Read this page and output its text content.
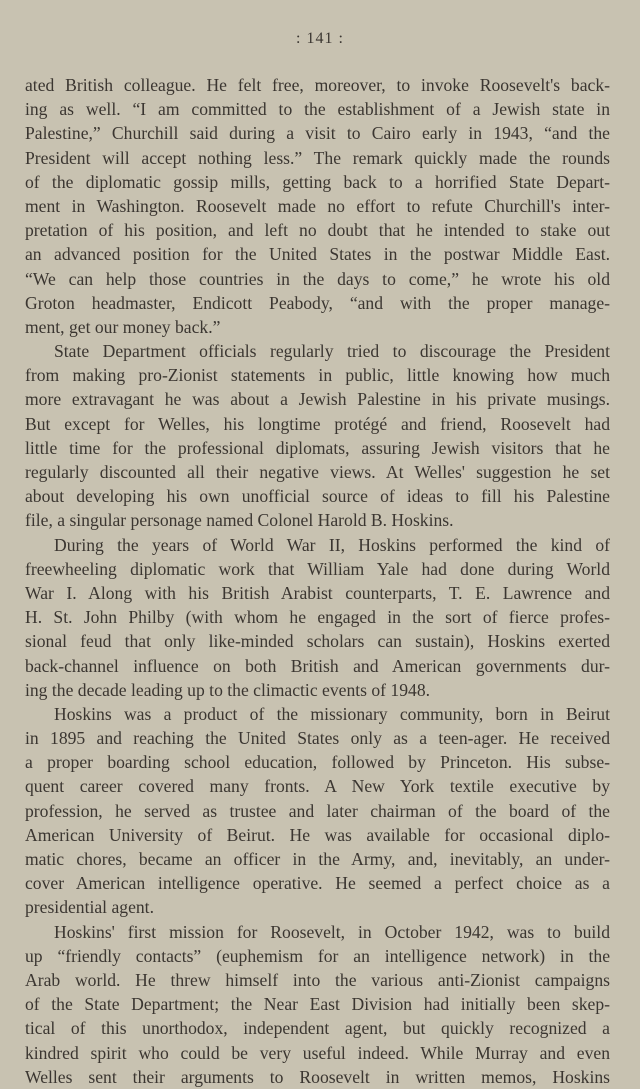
: 141 :
ated British colleague. He felt free, moreover, to invoke Roosevelt's back-
ing as well. “I am committed to the establishment of a Jewish state in
Palestine,” Churchill said during a visit to Cairo early in 1943, “and the
President will accept nothing less.” The remark quickly made the rounds
of the diplomatic gossip mills, getting back to a horrified State Depart-
ment in Washington. Roosevelt made no effort to refute Churchill's inter-
pretation of his position, and left no doubt that he intended to stake out
an advanced position for the United States in the postwar Middle East.
“We can help those countries in the days to come,” he wrote his old
Groton headmaster, Endicott Peabody, “and with the proper manage-
ment, get our money back.”
State Department officials regularly tried to discourage the President
from making pro-Zionist statements in public, little knowing how much
more extravagant he was about a Jewish Palestine in his private musings.
But except for Welles, his longtime protégé and friend, Roosevelt had
little time for the professional diplomats, assuring Jewish visitors that he
regularly discounted all their negative views. At Welles' suggestion he set
about developing his own unofficial source of ideas to fill his Palestine
file, a singular personage named Colonel Harold B. Hoskins.
During the years of World War II, Hoskins performed the kind of
freewheeling diplomatic work that William Yale had done during World
War I. Along with his British Arabist counterparts, T. E. Lawrence and
H. St. John Philby (with whom he engaged in the sort of fierce profes-
sional feud that only like-minded scholars can sustain), Hoskins exerted
back-channel influence on both British and American governments dur-
ing the decade leading up to the climactic events of 1948.
Hoskins was a product of the missionary community, born in Beirut
in 1895 and reaching the United States only as a teen-ager. He received
a proper boarding school education, followed by Princeton. His subse-
quent career covered many fronts. A New York textile executive by
profession, he served as trustee and later chairman of the board of the
American University of Beirut. He was available for occasional diplo-
matic chores, became an officer in the Army, and, inevitably, an under-
cover American intelligence operative. He seemed a perfect choice as a
presidential agent.
Hoskins' first mission for Roosevelt, in October 1942, was to build
up “friendly contacts” (euphemism for an intelligence network) in the
Arab world. He threw himself into the various anti-Zionist campaigns
of the State Department; the Near East Division had initially been skep-
tical of this unorthodox, independent agent, but quickly recognized a
kindred spirit who could be very useful indeed. While Murray and even
Welles sent their arguments to Roosevelt in written memos, Hoskins
